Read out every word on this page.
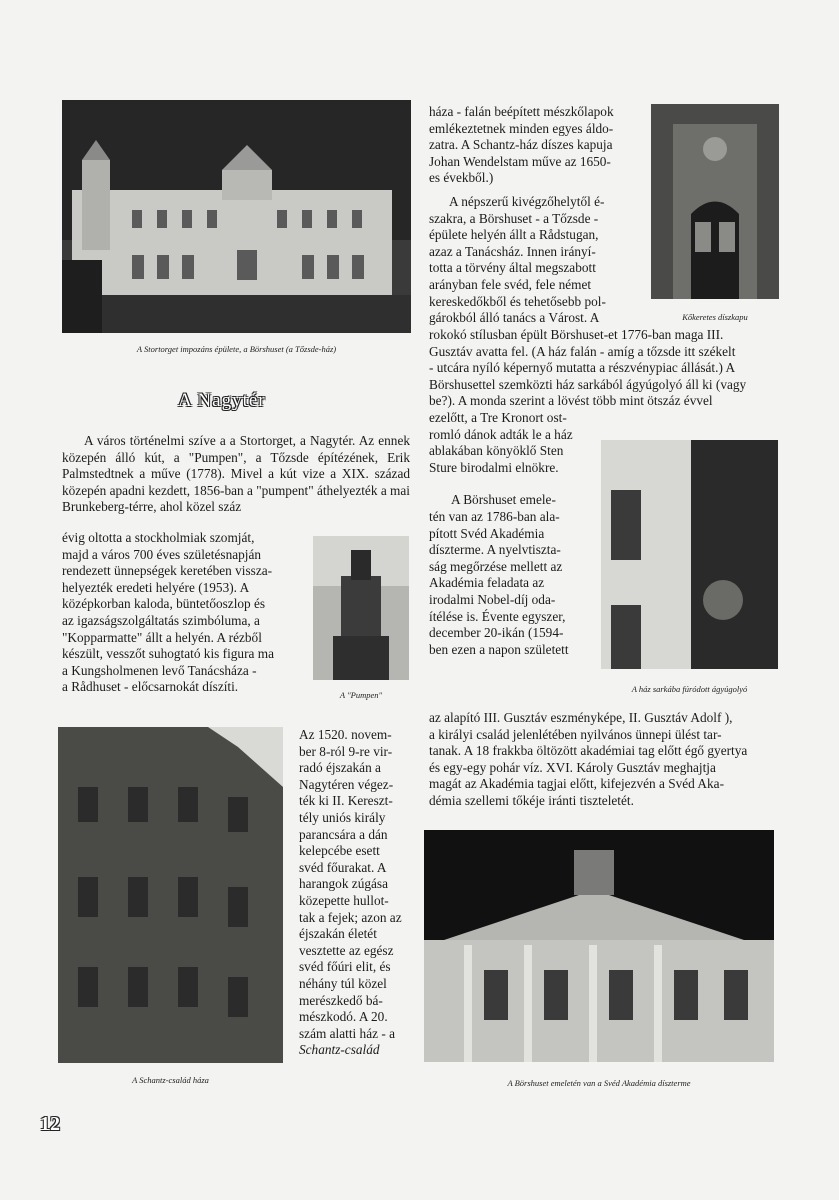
A Stortorget impozáns épülete, a Börshuset (a Tőzsde-ház)
Kőkeretes díszkapu
A "Pumpen"
A ház sarkába fúródott ágyúgolyó
A Schantz-család háza	A Börshuset emeletén van a Svéd Akadémia díszterme
A Nagytér

A város történelmi szíve a a Stortorget, a Nagytér. Az ennek közepén álló kút, a "Pumpen", a Tőzsde építézének, Erik Palmstedtnek a műve (1778). Mivel a kút vize a XIX. század közepén apadni kezdett, 1856-ban a "pumpent" áthelyezték a mai Brunkeberg-térre, ahol közel száz

évig oltotta a stockholmiak szomját,

majd a város 700 éves születésnapján

rendezett ünnepségek keretében vissza-

helyezték eredeti helyére (1953). A

középkorban kaloda, büntetőoszlop és

az igazságszolgáltatás szimbóluma, a

"Kopparmatte" állt a helyén. A rézből

készült, vesszőt suhogtató kis figura ma

a Kungsholmenen levő Tanácsháza -

a Rådhuset - előcsarnokát díszíti.

Az 1520. novem-

ber 8-ról 9-re vir-

radó éjszakán a

Nagytéren végez-

ték ki II. Kereszt-

tély uniós király

parancsára a dán

kelepcébe esett

svéd főurakat. A

harangok zúgása

közepette hullot-

tak a fejek; azon az

éjszakán életét

vesztette az egész

svéd főúri elit, és

néhány túl közel

merészkedő bá-

mészkodó. A 20.

szám alatti ház - a

Schantz-család

háza - falán beépített mészkőlapok

emlékeztetnek minden egyes áldo-

zatra. A Schantz-ház díszes kapuja

Johan Wendelstam műve az 1650-

es évekből.)

A népszerű kivégzőhelytől é-

szakra, a Börshuset - a Tőzsde -

épülete helyén állt a Rådstugan,

azaz a Tanácsház. Innen irányí-

totta a törvény által megszabott

arányban fele svéd, fele német

kereskedőkből és tehetősebb pol-

gárokból álló tanács a Várost. A

rokokó stílusban épült Börshuset-et 1776-ban maga III.

Gusztáv avatta fel. (A ház falán - amíg a tőzsde itt székelt

- utcára nyíló képernyő mutatta a részvénypiac állását.) A

Börshusettel szemközti ház sarkából ágyúgolyó áll ki (vagy

be?). A monda szerint a lövést több mint ötszáz évvel

ezelőtt, a Tre Kronort ost-

romló dánok adták le a ház

ablakában könyöklő Sten

Sture birodalmi elnökre.

A Börshuset emele-

tén van az 1786-ban ala-

pított Svéd Akadémia

díszterme. A nyelvtiszta-

ság megőrzése mellett az

Akadémia feladata az

irodalmi Nobel-díj oda-

ítélése is. Évente egyszer,

december 20-ikán (1594-

ben ezen a napon született

az alapító III. Gusztáv eszményképe, II. Gusztáv Adolf ),

a királyi család jelenlétében nyilvános ünnepi ülést tar-

tanak. A 18 frakkba öltözött akadémiai tag előtt égő gyertya

és egy-egy pohár víz. XVI. Károly Gusztáv meghajtja

magát az Akadémia tagjai előtt, kifejezvén a Svéd Aka-

démia szellemi tőkéje iránti tiszteletét.

12
